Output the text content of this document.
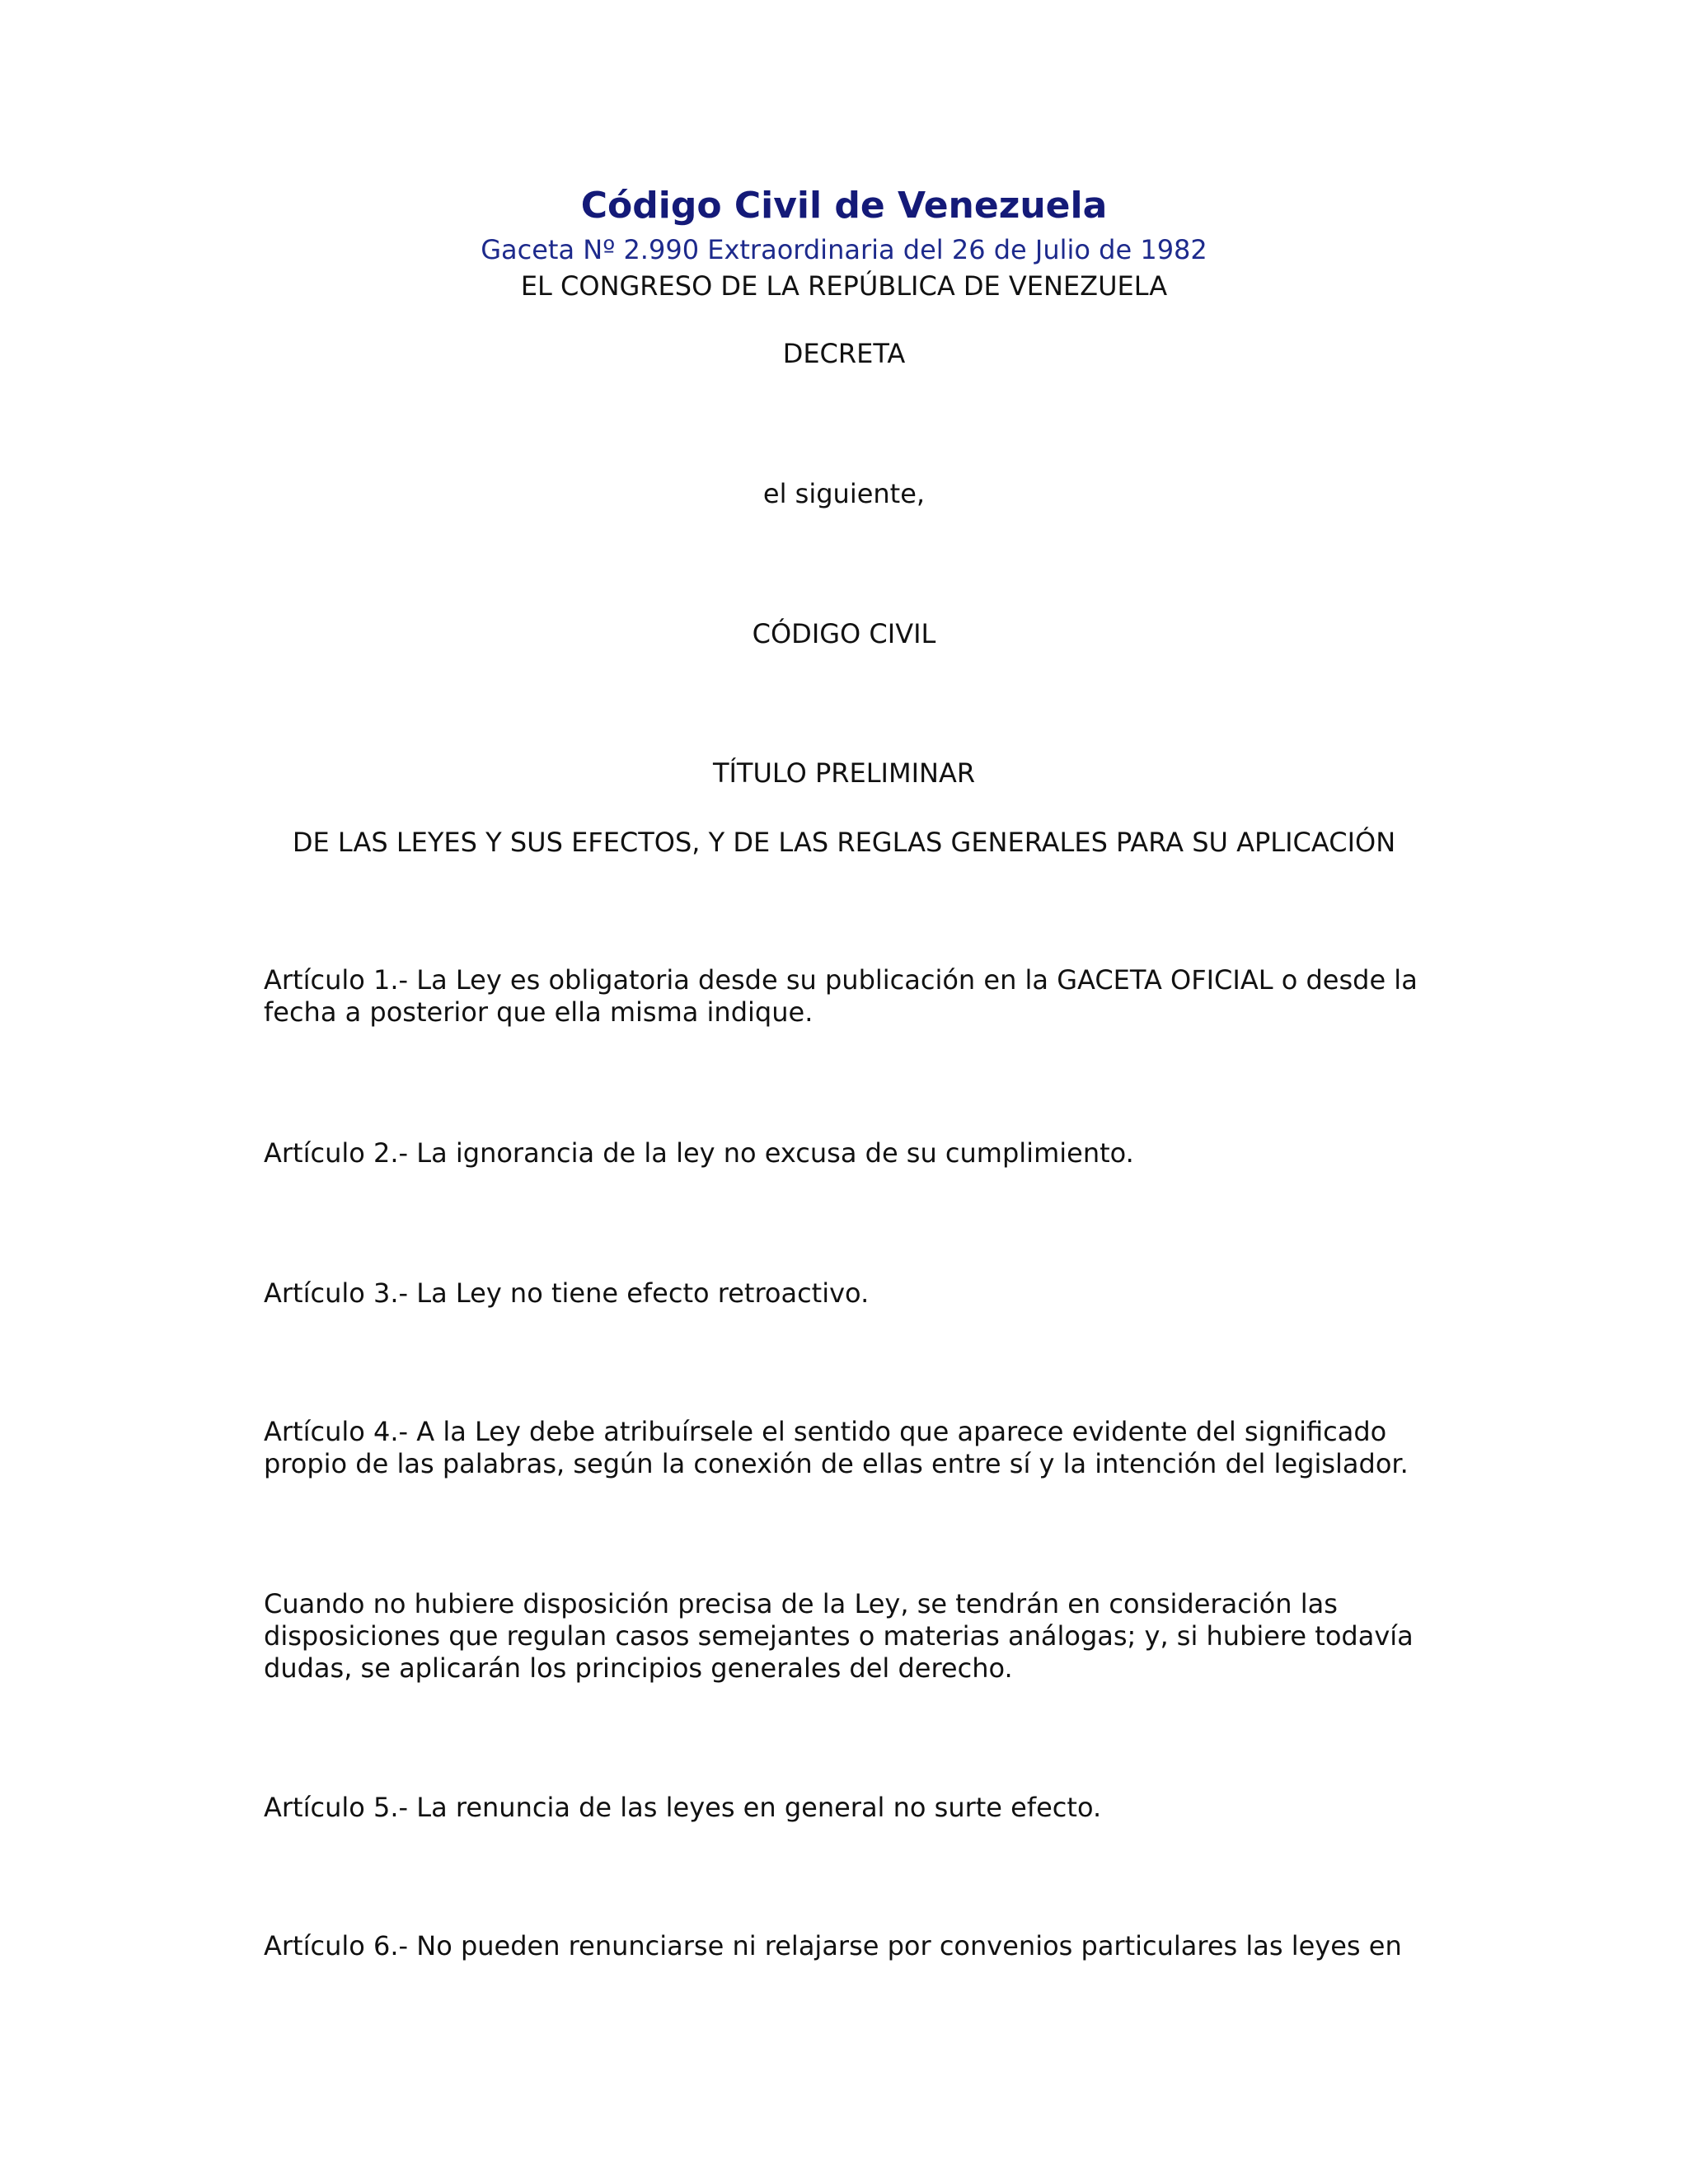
Código Civil de Venezuela
Gaceta Nº 2.990 Extraordinaria del 26 de Julio de 1982
EL CONGRESO DE LA REPÚBLICA DE VENEZUELA
DECRETA
el siguiente,
CÓDIGO CIVIL
TÍTULO PRELIMINAR
DE LAS LEYES Y SUS EFECTOS, Y DE LAS REGLAS GENERALES PARA SU APLICACIÓN
Artículo 1.- La Ley es obligatoria desde su publicación en la GACETA OFICIAL o desde la
fecha a posterior que ella misma indique.
Artículo 2.- La ignorancia de la ley no excusa de su cumplimiento.
Artículo 3.- La Ley no tiene efecto retroactivo.
Artículo 4.- A la Ley debe atribuírsele el sentido que aparece evidente del significado
propio de las palabras, según la conexión de ellas entre sí y la intención del legislador.
Cuando no hubiere disposición precisa de la Ley, se tendrán en consideración las
disposiciones que regulan casos semejantes o materias análogas; y, si hubiere todavía
dudas, se aplicarán los principios generales del derecho.
Artículo 5.- La renuncia de las leyes en general no surte efecto.
Artículo 6.- No pueden renunciarse ni relajarse por convenios particulares las leyes en
